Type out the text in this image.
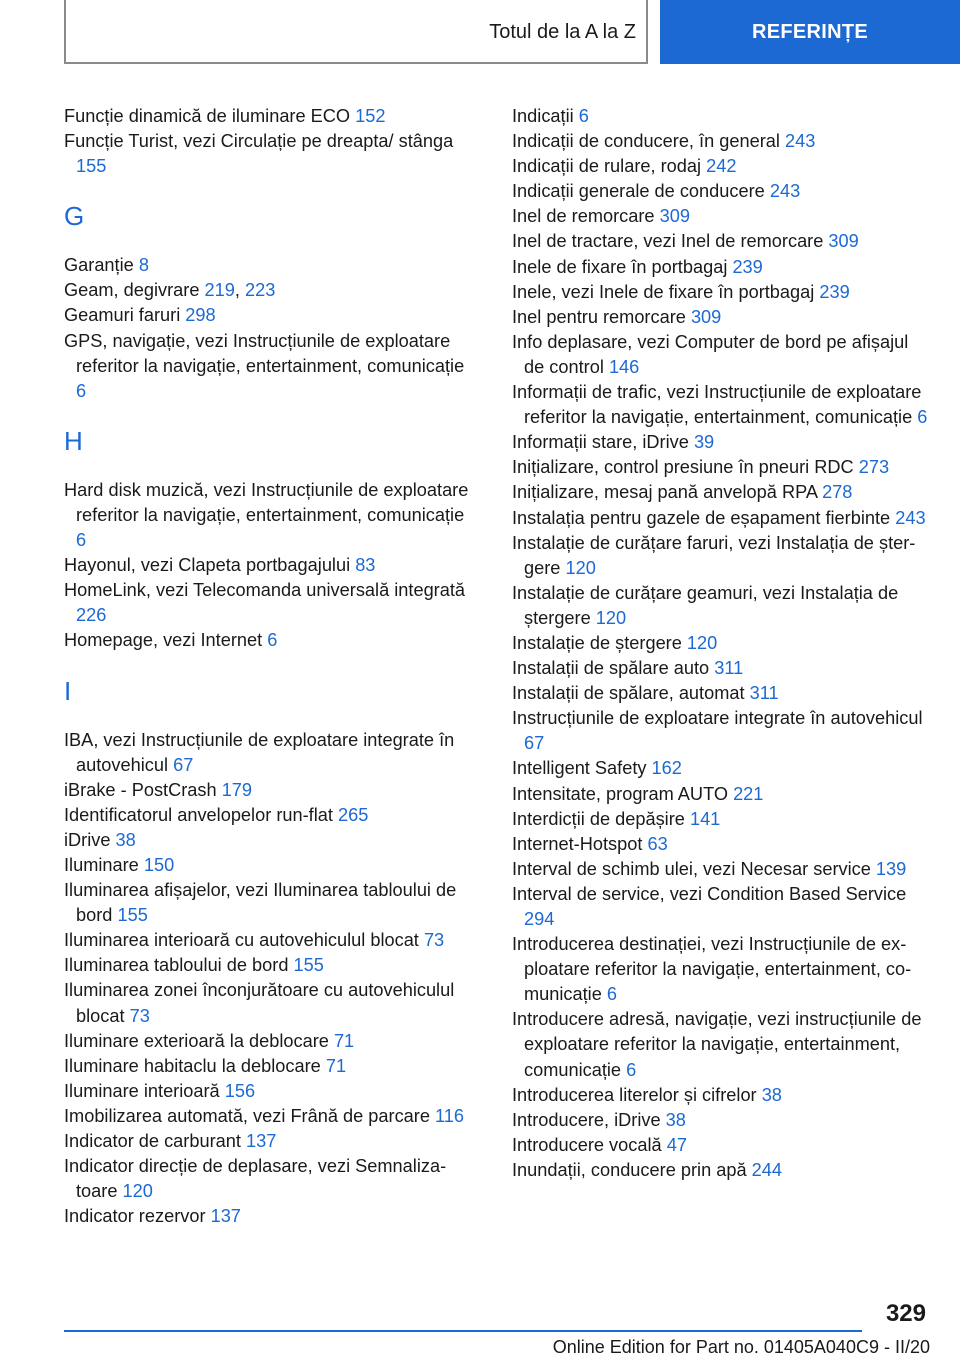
Totul de la A la Z	REFERINȚE
Funcție dinamică de iluminare ECO 152
Funcție Turist, vezi Circulație pe dreapta/ stânga 155
G
Garanție 8
Geam, degivrare 219, 223
Geamuri faruri 298
GPS, navigație, vezi Instrucțiunile de exploatare referitor la navigație, entertainment, comunicație 6
H
Hard disk muzică, vezi Instrucțiunile de exploatare referitor la navigație, entertainment, comunicație 6
Hayonul, vezi Clapeta portbagajului 83
HomeLink, vezi Telecomanda universală integrată 226
Homepage, vezi Internet 6
I
IBA, vezi Instrucțiunile de exploatare integrate în autovehicul 67
iBrake - PostCrash 179
Identificatorul anvelopelor run-flat 265
iDrive 38
Iluminare 150
Iluminarea afișajelor, vezi Iluminarea tabloului de bord 155
Iluminarea interioară cu autovehiculul blocat 73
Iluminarea tabloului de bord 155
Iluminarea zonei înconjurătoare cu autovehiculul blocat 73
Iluminare exterioară la deblocare 71
Iluminare habitaclu la deblocare 71
Iluminare interioară 156
Imobilizarea automată, vezi Frână de parcare 116
Indicator de carburant 137
Indicator direcție de deplasare, vezi Semnalizatoare 120
Indicator rezervor 137
Indicații 6
Indicații de conducere, în general 243
Indicații de rulare, rodaj 242
Indicații generale de conducere 243
Inel de remorcare 309
Inel de tractare, vezi Inel de remorcare 309
Inele de fixare în portbagaj 239
Inele, vezi Inele de fixare în portbagaj 239
Inel pentru remorcare 309
Info deplasare, vezi Computer de bord pe afișajul de control 146
Informații de trafic, vezi Instrucțiunile de exploatare referitor la navigație, entertainment, comunicație 6
Informații stare, iDrive 39
Inițializare, control presiune în pneuri RDC 273
Inițializare, mesaj pană anvelopă RPA 278
Instalația pentru gazele de eșapament fierbinte 243
Instalație de curățare faruri, vezi Instalația de ștergere 120
Instalație de curățare geamuri, vezi Instalația de ștergere 120
Instalație de ștergere 120
Instalații de spălare auto 311
Instalații de spălare, automat 311
Instrucțiunile de exploatare integrate în autovehicul 67
Intelligent Safety 162
Intensitate, program AUTO 221
Interdicții de depășire 141
Internet-Hotspot 63
Interval de schimb ulei, vezi Necesar service 139
Interval de service, vezi Condition Based Service 294
Introducerea destinației, vezi Instrucțiunile de exploatare referitor la navigație, entertainment, comunicație 6
Introducere adresă, navigație, vezi instrucțiunile de exploatare referitor la navigație, entertainment, comunicație 6
Introducerea literelor și cifrelor 38
Introducere, iDrive 38
Introducere vocală 47
Inundații, conducere prin apă 244
329
Online Edition for Part no. 01405A040C9 - II/20
